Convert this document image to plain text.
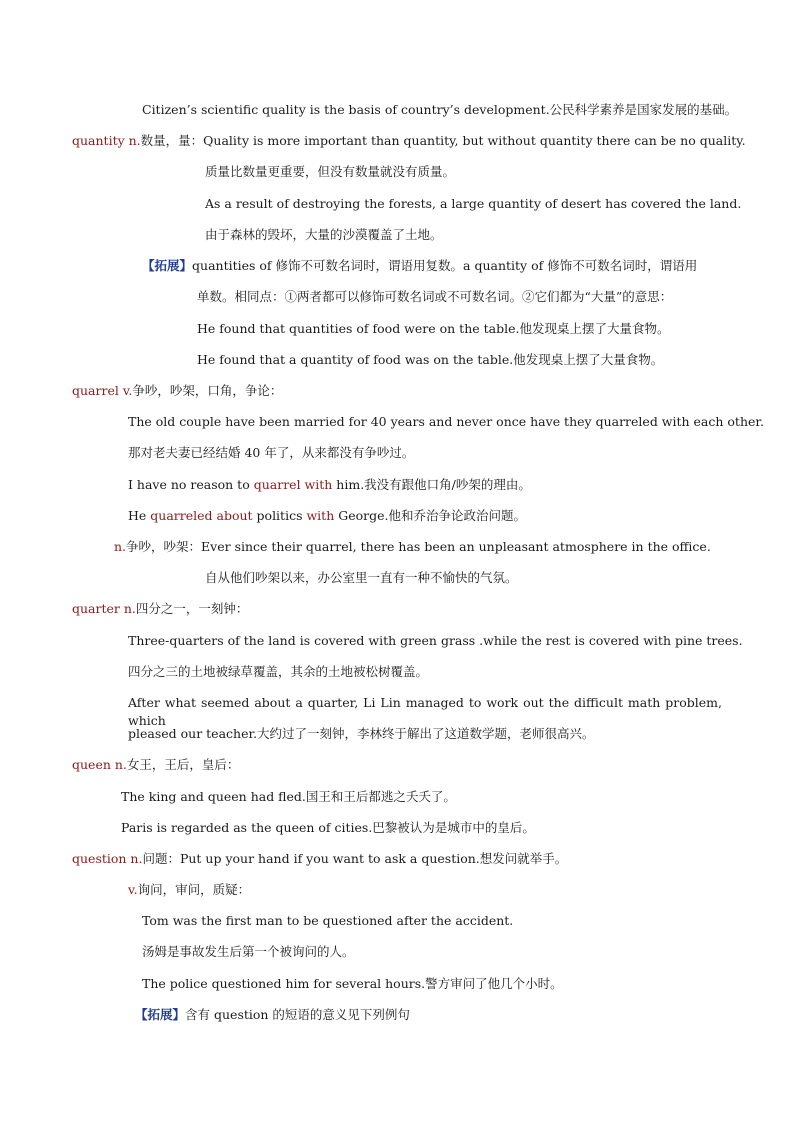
Citizen’s scientific quality is the basis of country’s development.公民科学素养是国家发展的基础。
quantity n.数量，量：Quality is more important than quantity, but without quantity there can be no quality.
质量比数量更重要，但没有数量就没有质量。
As a result of destroying the forests, a large quantity of desert has covered the land.
由于森林的毁坏，大量的沙漠覆盖了土地。
【拓展】quantities of 修饰不可数名词时，谓语用复数。a quantity of 修饰不可数名词时，谓语用
单数。相同点：①两者都可以修饰可数名词或不可数名词。②它们都为“大量”的意思：
He found that quantities of food were on the table.他发现桌上摆了大量食物。
He found that a quantity of food was on the table.他发现桌上摆了大量食物。
quarrel v.争吵，吵架，口角，争论：
The old couple have been married for 40 years and never once have they quarreled with each other.
那对老夫妻已经结婚 40 年了，从来都没有争吵过。
I have no reason to quarrel with him.我没有跟他口角/吵架的理由。
He quarreled about politics with George.他和乔治争论政治问题。
n.争吵，吵架：Ever since their quarrel, there has been an unpleasant atmosphere in the office.
自从他们吵架以来，办公室里一直有一种不愉快的气氛。
quarter n.四分之一，一刻钟：
Three-quarters of the land is covered with green grass .while the rest is covered with pine trees.
四分之三的土地被绿草覆盖，其余的土地被松树覆盖。
After what seemed about a quarter, Li Lin managed to work out the difficult math problem, which
pleased our teacher.大约过了一刻钟，李林终于解出了这道数学题，老师很高兴。
queen n.女王，王后，皇后：
The king and queen had fled.国王和王后都逃之夭夭了。
Paris is regarded as the queen of cities.巴黎被认为是城市中的皇后。
question n.问题：Put up your hand if you want to ask a question.想发问就举手。
v.询问，审问，质疑：
Tom was the first man to be questioned after the accident.
汤姆是事故发生后第一个被询问的人。
The police questioned him for several hours.警方审问了他几个小时。
【拓展】含有 question 的短语的意义见下列例句
